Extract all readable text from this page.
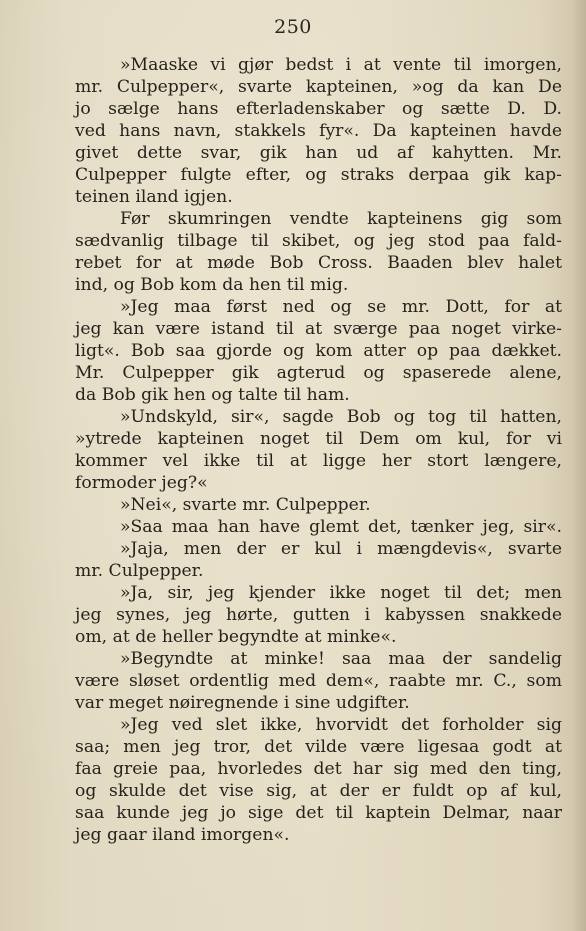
250
»Maaske vi gjør bedst i at vente til imorgen,
mr. Culpepper«, svarte kapteinen, »og da kan De
jo sælge hans efterladenskaber og sætte D. D.
ved hans navn, stakkels fyr«. Da kapteinen havde
givet dette svar, gik han ud af kahytten. Mr.
Culpepper fulgte efter, og straks derpaa gik kap-
teinen iland igjen.
Før skumringen vendte kapteinens gig som
sædvanlig tilbage til skibet, og jeg stod paa fald-
rebet for at møde Bob Cross. Baaden blev halet
ind, og Bob kom da hen til mig.
»Jeg maa først ned og se mr. Dott, for at
jeg kan være istand til at sværge paa noget virke-
ligt«. Bob saa gjorde og kom atter op paa dækket.
Mr. Culpepper gik agterud og spaserede alene,
da Bob gik hen og talte til ham.
»Undskyld, sir«, sagde Bob og tog til hatten,
»ytrede kapteinen noget til Dem om kul, for vi
kommer vel ikke til at ligge her stort længere,
formoder jeg?«
»Nei«, svarte mr. Culpepper.
»Saa maa han have glemt det, tænker jeg, sir«.
»Jaja, men der er kul i mængdevis«, svarte
mr. Culpepper.
»Ja, sir, jeg kjender ikke noget til det; men
jeg synes, jeg hørte, gutten i kabyssen snakkede
om, at de heller begyndte at minke«.
»Begyndte at minke! saa maa der sandelig
være sløset ordentlig med dem«, raabte mr. C., som
var meget nøiregnende i sine udgifter.
»Jeg ved slet ikke, hvorvidt det forholder sig
saa; men jeg tror, det vilde være ligesaa godt at
faa greie paa, hvorledes det har sig med den ting,
og skulde det vise sig, at der er fuldt op af kul,
saa kunde jeg jo sige det til kaptein Delmar, naar
jeg gaar iland imorgen«.
